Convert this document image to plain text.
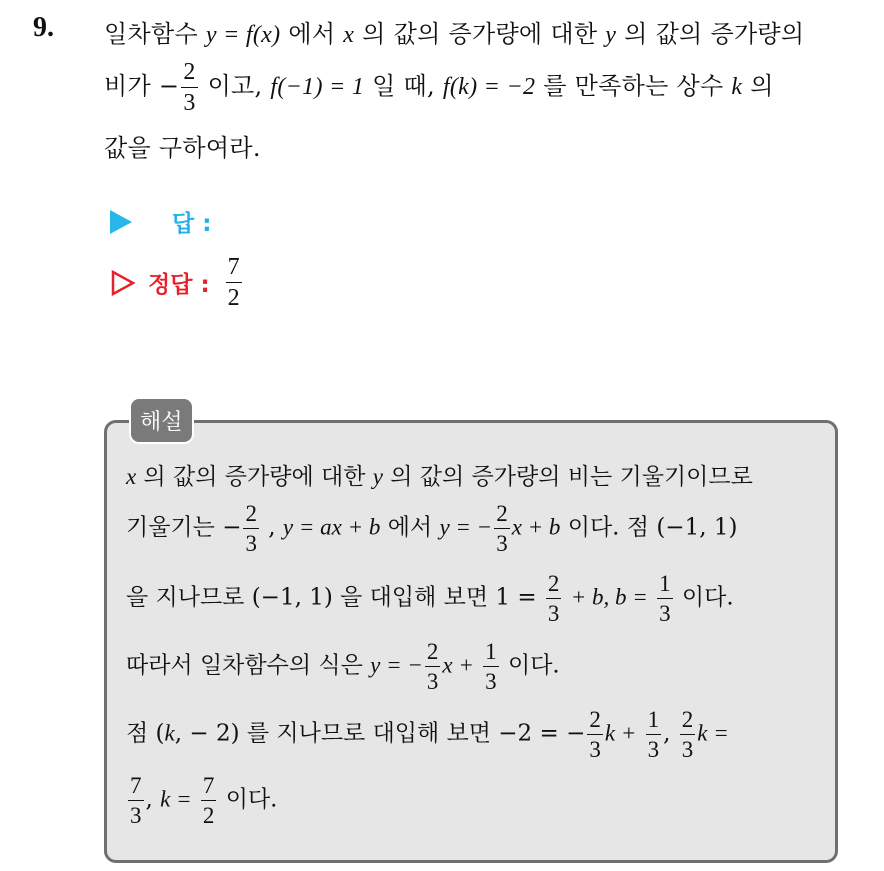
9. 일차함수 y = f(x) 에서 x 의 값의 증가량에 대한 y 의 값의 증가량의
비가 − $\frac{2}{3}$ 이고, f(−1) = 1 일 때, f(k) = −2 를 만족하는 상수 k 의
값을 구하여라.
답 :
정답 : $\frac{7}{2}$
해설
x 의 값의 증가량에 대한 y 의 값의 증가량의 비는 기울기이므로
기울기는 − $\frac{2}{3}$ , y = ax + b 에서 y = − $\frac{2}{3}$ x + b 이다. 점 (−1, 1)
을 지나므로 (−1, 1) 을 대입해 보면 $1 = \frac{2}{3} + b$, $b = \frac{1}{3}$ 이다.
따라서 일차함수의 식은 y = − $\frac{2}{3}$ $x + \frac{1}{3}$ 이다.
점 (k, − 2) 를 지나므로 대입해 보면 −2 = − $\frac{2}{3}$ $k + \frac{1}{3}$ , $\frac{2}{3}$ k =
$\frac{7}{3}$ , $k = \frac{7}{2}$ 이다.
